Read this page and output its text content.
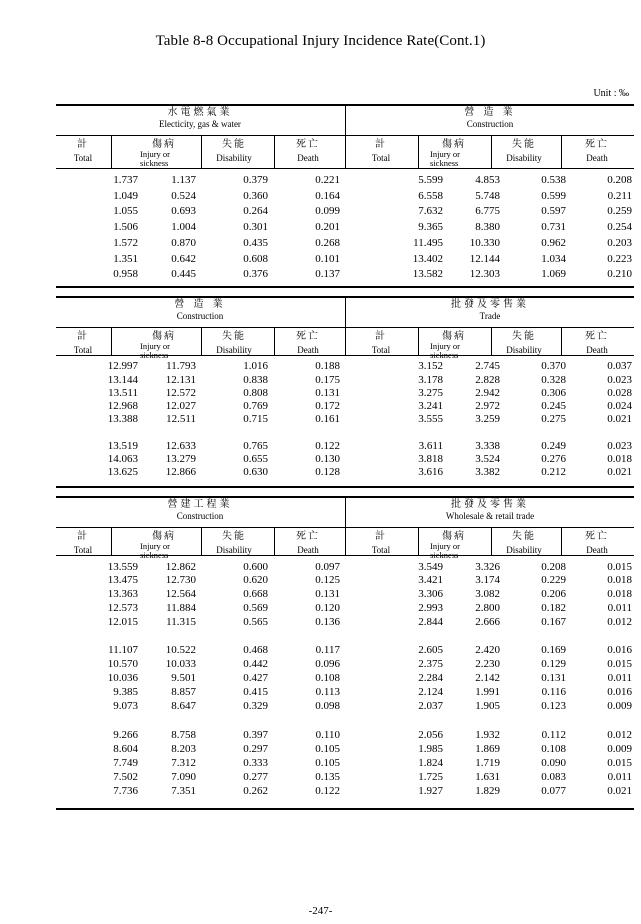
Table 8-8 Occupational Injury Incidence Rate(Cont.1)
Unit : ‰
水電燃氣業
Electicity, gas & water
營 造 業
Construction
計
Total
傷病
Injury or sickness
失能
Disability
死亡
Death
計
Total
傷病
Injury or sickness
失能
Disability
死亡
Death
1.737	1.137	0.379	0.221	5.599	4.853	0.538	0.208
1.049	0.524	0.360	0.164	6.558	5.748	0.599	0.211
1.055	0.693	0.264	0.099	7.632	6.775	0.597	0.259
1.506	1.004	0.301	0.201	9.365	8.380	0.731	0.254
1.572	0.870	0.435	0.268	11.495	10.330	0.962	0.203
1.351	0.642	0.608	0.101	13.402	12.144	1.034	0.223
0.958	0.445	0.376	0.137	13.582	12.303	1.069	0.210
營 造 業
Construction
批發及零售業
Trade
計
Total
傷病
Injury or sickness
失能
Disability
死亡
Death
計
Total
傷病
Injury or sickness
失能
Disability
死亡
Death
12.997	11.793	1.016	0.188	3.152	2.745	0.370	0.037
13.144	12.131	0.838	0.175	3.178	2.828	0.328	0.023
13.511	12.572	0.808	0.131	3.275	2.942	0.306	0.028
12.968	12.027	0.769	0.172	3.241	2.972	0.245	0.024
13.388	12.511	0.715	0.161	3.555	3.259	0.275	0.021
13.519	12.633	0.765	0.122	3.611	3.338	0.249	0.023
14.063	13.279	0.655	0.130	3.818	3.524	0.276	0.018
13.625	12.866	0.630	0.128	3.616	3.382	0.212	0.021
營建工程業
Construction
批發及零售業
Wholesale & retail trade
計
Total
傷病
Injury or sickness
失能
Disability
死亡
Death
計
Total
傷病
Injury or sickness
失能
Disability
死亡
Death
13.559	12.862	0.600	0.097	3.549	3.326	0.208	0.015
13.475	12.730	0.620	0.125	3.421	3.174	0.229	0.018
13.363	12.564	0.668	0.131	3.306	3.082	0.206	0.018
12.573	11.884	0.569	0.120	2.993	2.800	0.182	0.011
12.015	11.315	0.565	0.136	2.844	2.666	0.167	0.012
11.107	10.522	0.468	0.117	2.605	2.420	0.169	0.016
10.570	10.033	0.442	0.096	2.375	2.230	0.129	0.015
10.036	9.501	0.427	0.108	2.284	2.142	0.131	0.011
9.385	8.857	0.415	0.113	2.124	1.991	0.116	0.016
9.073	8.647	0.329	0.098	2.037	1.905	0.123	0.009
9.266	8.758	0.397	0.110	2.056	1.932	0.112	0.012
8.604	8.203	0.297	0.105	1.985	1.869	0.108	0.009
7.749	7.312	0.333	0.105	1.824	1.719	0.090	0.015
7.502	7.090	0.277	0.135	1.725	1.631	0.083	0.011
7.736	7.351	0.262	0.122	1.927	1.829	0.077	0.021
-247-
